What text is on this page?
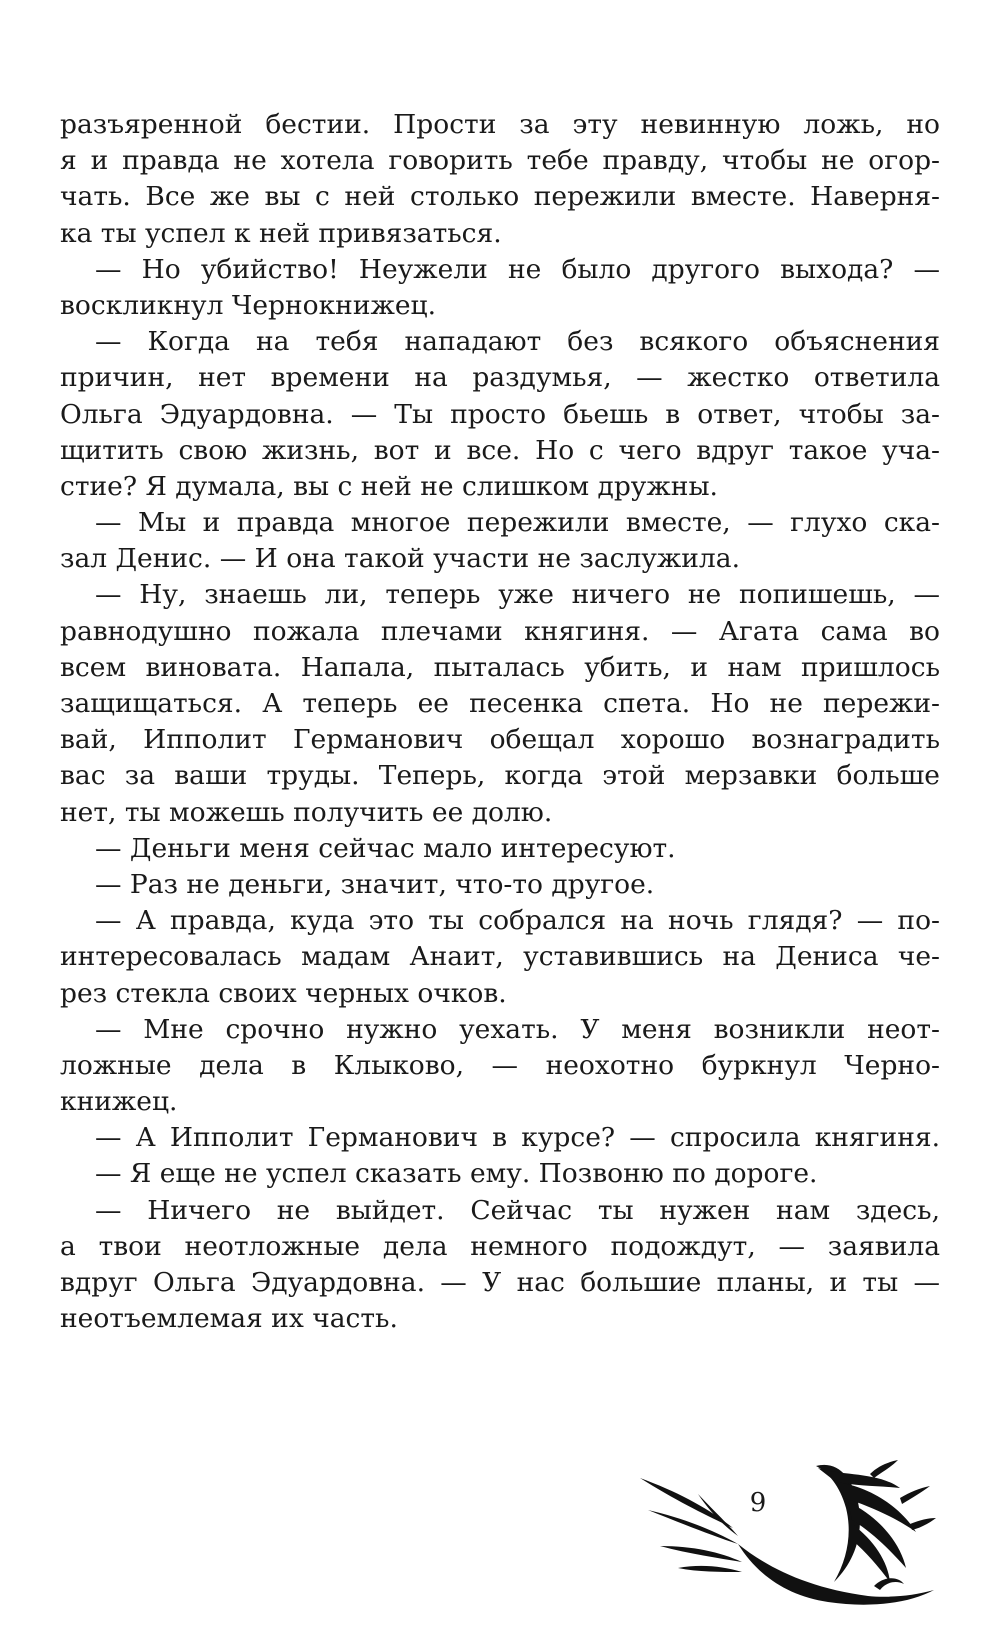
разъяренной бестии. Прости за эту невинную ложь, но
я и правда не хотела говорить тебе правду, чтобы не огор-
чать. Все же вы с ней столько пережили вместе. Наверня-
ка ты успел к ней привязаться.
— Но убийство! Неужели не было другого выхода? —
воскликнул Чернокнижец.
— Когда на тебя нападают без всякого объяснения
причин, нет времени на раздумья, — жестко ответила
Ольга Эдуардовна. — Ты просто бьешь в ответ, чтобы за-
щитить свою жизнь, вот и все. Но с чего вдруг такое уча-
стие? Я думала, вы с ней не слишком дружны.
— Мы и правда многое пережили вместе, — глухо ска-
зал Денис. — И она такой участи не заслужила.
— Ну, знаешь ли, теперь уже ничего не попишешь, —
равнодушно пожала плечами княгиня. — Агата сама во
всем виновата. Напала, пыталась убить, и нам пришлось
защищаться. А теперь ее песенка спета. Но не пережи-
вай, Ипполит Германович обещал хорошо вознаградить
вас за ваши труды. Теперь, когда этой мерзавки больше
нет, ты можешь получить ее долю.
— Деньги меня сейчас мало интересуют.
— Раз не деньги, значит, что-то другое.
— А правда, куда это ты собрался на ночь глядя? — по-
интересовалась мадам Анаит, уставившись на Дениса че-
рез стекла своих черных очков.
— Мне срочно нужно уехать. У меня возникли неот-
ложные дела в Клыково, — неохотно буркнул Черно-
книжец.
— А Ипполит Германович в курсе? — спросила княгиня.
— Я еще не успел сказать ему. Позвоню по дороге.
— Ничего не выйдет. Сейчас ты нужен нам здесь,
а твои неотложные дела немного подождут, — заявила
вдруг Ольга Эдуардовна. — У нас большие планы, и ты —
неотъемлемая их часть.
9
